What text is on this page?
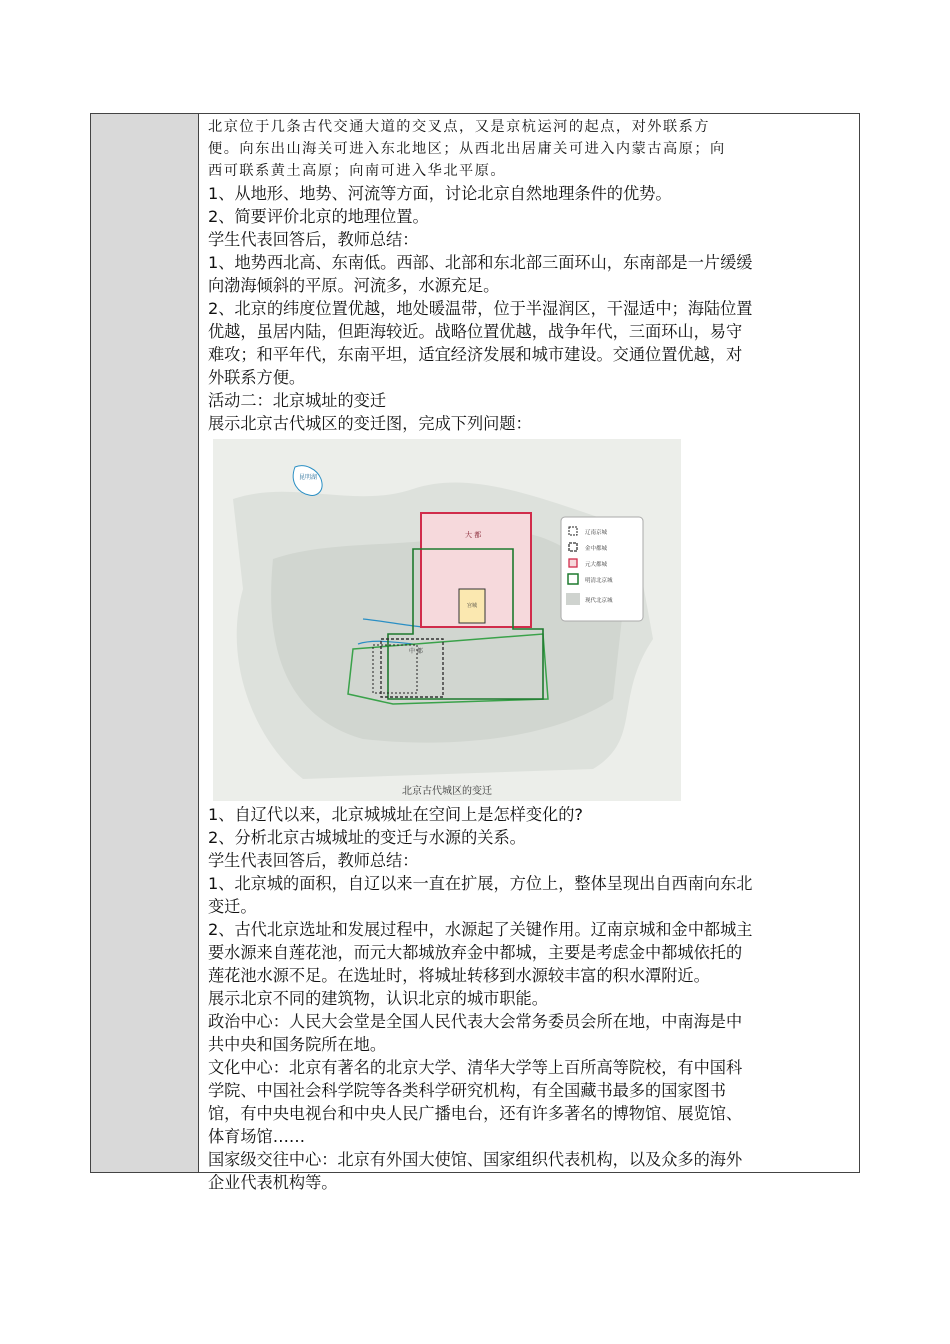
北京位于几条古代交通大道的交叉点，又是京杭运河的起点，对外联系方
便。向东出山海关可进入东北地区；从西北出居庸关可进入内蒙古高原；向
西可联系黄土高原；向南可进入华北平原。
1、从地形、地势、河流等方面，讨论北京自然地理条件的优势。
2、简要评价北京的地理位置。
学生代表回答后，教师总结：
1、地势西北高、东南低。西部、北部和东北部三面环山，东南部是一片缓缓
向渤海倾斜的平原。河流多，水源充足。
2、北京的纬度位置优越，地处暖温带，位于半湿润区，干湿适中；海陆位置
优越，虽居内陆，但距海较近。战略位置优越，战争年代，三面环山，易守
难攻；和平年代，东南平坦，适宜经济发展和城市建设。交通位置优越，对
外联系方便。
活动二：北京城址的变迁
展示北京古代城区的变迁图，完成下列问题：
昆明湖
大 都
宫城
中 都
辽南京城
金中都城
元大都城
明清北京城
现代北京城
北京古代城区的变迁
1、自辽代以来，北京城城址在空间上是怎样变化的?
2、分析北京古城城址的变迁与水源的关系。
学生代表回答后，教师总结：
1、北京城的面积，自辽以来一直在扩展，方位上，整体呈现出自西南向东北
变迁。
2、古代北京选址和发展过程中，水源起了关键作用。辽南京城和金中都城主
要水源来自莲花池，而元大都城放弃金中都城，主要是考虑金中都城依托的
莲花池水源不足。在选址时，将城址转移到水源较丰富的积水潭附近。
展示北京不同的建筑物，认识北京的城市职能。
政治中心：人民大会堂是全国人民代表大会常务委员会所在地，中南海是中
共中央和国务院所在地。
文化中心：北京有著名的北京大学、清华大学等上百所高等院校，有中国科
学院、中国社会科学院等各类科学研究机构，有全国藏书最多的国家图书
馆，有中央电视台和中央人民广播电台，还有许多著名的博物馆、展览馆、
体育场馆……
国家级交往中心：北京有外国大使馆、国家组织代表机构，以及众多的海外
企业代表机构等。
